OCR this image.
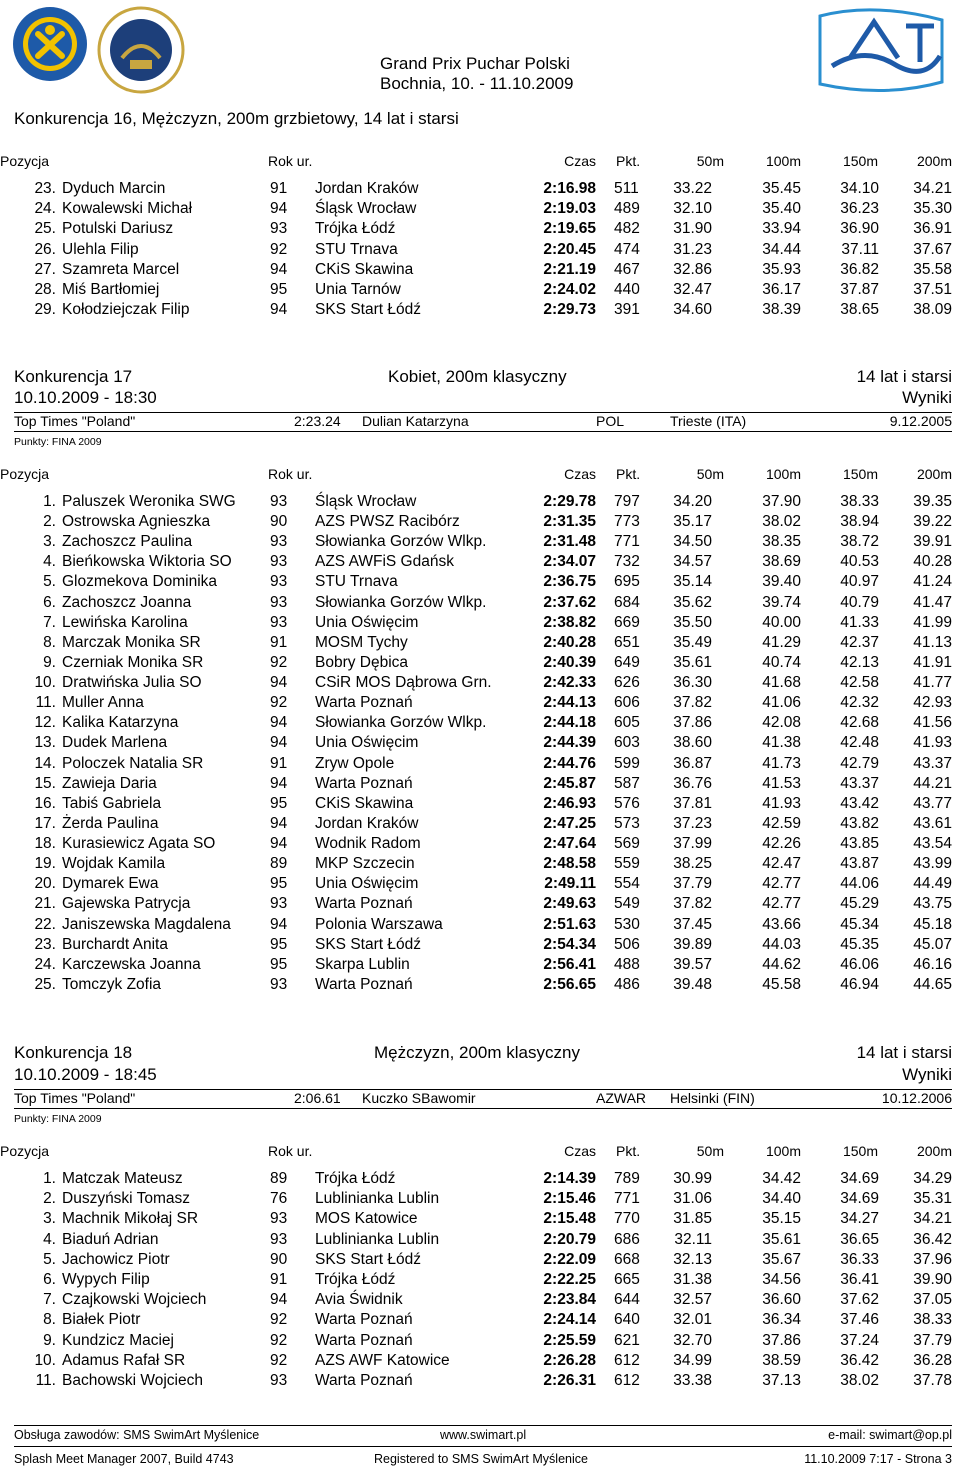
Grand Prix Puchar Polski
Bochnia, 10. - 11.10.2009
Konkurencja 16, Mężczyzn, 200m grzbietowy, 14 lat i starsi
Pozycja	Rok ur.	Czas Pkt.	50m	100m	150m	200m
23. Dyduch Marcin	91 Jordan Kraków	2:16.98 511 33.22	35.45	34.10 34.21
24. Kowalewski Michał	94 Śląsk Wrocław	2:19.03 489 32.10	35.40	36.23 35.30
25. Potulski Dariusz	93 Trójka Łódź	2:19.65 482 31.90	33.94	36.90 36.91
26. Ulehla Filip	92 STU Trnava	2:20.45 474 31.23	34.44	37.11 37.67
27. Szamreta Marcel	94 CKiS Skawina	2:21.19 467 32.86	35.93	36.82 35.58
28. Miś Bartłomiej	95 Unia Tarnów	2:24.02 440 32.47	36.17	37.87 37.51
29. Kołodziejczak Filip	94 SKS Start Łódź	2:29.73 391 34.60	38.39	38.65 38.09
Konkurencja 17	Kobiet, 200m klasyczny	14 lat i starsi
10.10.2009 - 18:30	Wyniki
Top Times "Poland"	2:23.24 Dulian Katarzyna	POL	Trieste (ITA)	9.12.2005
Punkty: FINA 2009
Pozycja	Rok ur.	Czas Pkt.	50m	100m	150m	200m
1. Paluszek Weronika SWG 93 Śląsk Wrocław	2:29.78 797 34.20	37.90	38.33 39.35
2. Ostrowska Agnieszka	90 AZS PWSZ Racibórz	2:31.35 773 35.17	38.02	38.94 39.22
3. Zachoszcz Paulina	93 Słowianka Gorzów Wlkp.	2:31.48 771 34.50	38.35	38.72 39.91
4. Bieńkowska Wiktoria SO 93 AZS AWFiS Gdańsk	2:34.07 732 34.57	38.69	40.53 40.28
5. Glozmekova Dominika	93 STU Trnava	2:36.75 695 35.14	39.40	40.97 41.24
6. Zachoszcz Joanna	93 Słowianka Gorzów Wlkp.	2:37.62 684 35.62	39.74	40.79 41.47
7. Lewińska Karolina	93 Unia Oświęcim	2:38.82 669 35.50	40.00	41.33 41.99
8. Marczak Monika SR	91 MOSM Tychy	2:40.28 651 35.49	41.29	42.37 41.13
9. Czerniak Monika SR	92 Bobry Dębica	2:40.39 649 35.61	40.74	42.13 41.91
10. Dratwińska Julia SO	94 CSiR MOS Dąbrowa Grn.	2:42.33 626 36.30	41.68	42.58 41.77
11. Muller Anna	92 Warta Poznań	2:44.13 606 37.82	41.06	42.32 42.93
12. Kalika Katarzyna	94 Słowianka Gorzów Wlkp.	2:44.18 605 37.86	42.08	42.68 41.56
13. Dudek Marlena	94 Unia Oświęcim	2:44.39 603 38.60	41.38	42.48 41.93
14. Poloczek Natalia SR	91 Zryw Opole	2:44.76 599 36.87	41.73	42.79 43.37
15. Zawieja Daria	94 Warta Poznań	2:45.87 587 36.76	41.53	43.37 44.21
16. Tabiś Gabriela	95 CKiS Skawina	2:46.93 576 37.81	41.93	43.42 43.77
17. Żerda Paulina	94 Jordan Kraków	2:47.25 573 37.23	42.59	43.82 43.61
18. Kurasiewicz Agata SO	94 Wodnik Radom	2:47.64 569 37.99	42.26	43.85 43.54
19. Wojdak Kamila	89 MKP Szczecin	2:48.58 559 38.25	42.47	43.87 43.99
20. Dymarek Ewa	95 Unia Oświęcim	2:49.11 554 37.79	42.77	44.06 44.49
21. Gajewska Patrycja	93 Warta Poznań	2:49.63 549 37.82	42.77	45.29 43.75
22. Janiszewska Magdalena	94 Polonia Warszawa	2:51.63 530 37.45	43.66	45.34 45.18
23. Burchardt Anita	95 SKS Start Łódź	2:54.34 506 39.89	44.03	45.35 45.07
24. Karczewska Joanna	95 Skarpa Lublin	2:56.41 488 39.57	44.62	46.06 46.16
25. Tomczyk Zofia	93 Warta Poznań	2:56.65 486 39.48	45.58	46.94 44.65
Konkurencja 18	Mężczyzn, 200m klasyczny	14 lat i starsi
10.10.2009 - 18:45	Wyniki
Top Times "Poland"	2:06.61 Kuczko SBawomir	AZWAR Helsinki (FIN)	10.12.2006
Punkty: FINA 2009
Pozycja	Rok ur.	Czas Pkt.	50m	100m	150m	200m
1. Matczak Mateusz	89 Trójka Łódź	2:14.39 789 30.99	34.42	34.69 34.29
2. Duszyński Tomasz	76 Lublinianka Lublin	2:15.46 771 31.06	34.40	34.69 35.31
3. Machnik Mikołaj SR	93 MOS Katowice	2:15.48 770 31.85	35.15	34.27 34.21
4. Biaduń Adrian	93 Lublinianka Lublin	2:20.79 686 32.11	35.61	36.65 36.42
5. Jachowicz Piotr	90 SKS Start Łódź	2:22.09 668 32.13	35.67	36.33 37.96
6. Wypych Filip	91 Trójka Łódź	2:22.25 665 31.38	34.56	36.41 39.90
7. Czajkowski Wojciech	94 Avia Świdnik	2:23.84 644 32.57	36.60	37.62 37.05
8. Białek Piotr	92 Warta Poznań	2:24.14 640 32.01	36.34	37.46 38.33
9. Kundzicz Maciej	92 Warta Poznań	2:25.59 621 32.70	37.86	37.24 37.79
10. Adamus Rafał SR	92 AZS AWF Katowice	2:26.28 612 34.99	38.59	36.42 36.28
11. Bachowski Wojciech	93 Warta Poznań	2:26.31 612 33.38	37.13	38.02 37.78
Obsługa zawodów: SMS SwimArt Myślenice	www.swimart.pl	e-mail: swimart@op.pl
Splash Meet Manager 2007, Build 4743	Registered to SMS SwimArt Myślenice	11.10.2009 7:17 - Strona 3
